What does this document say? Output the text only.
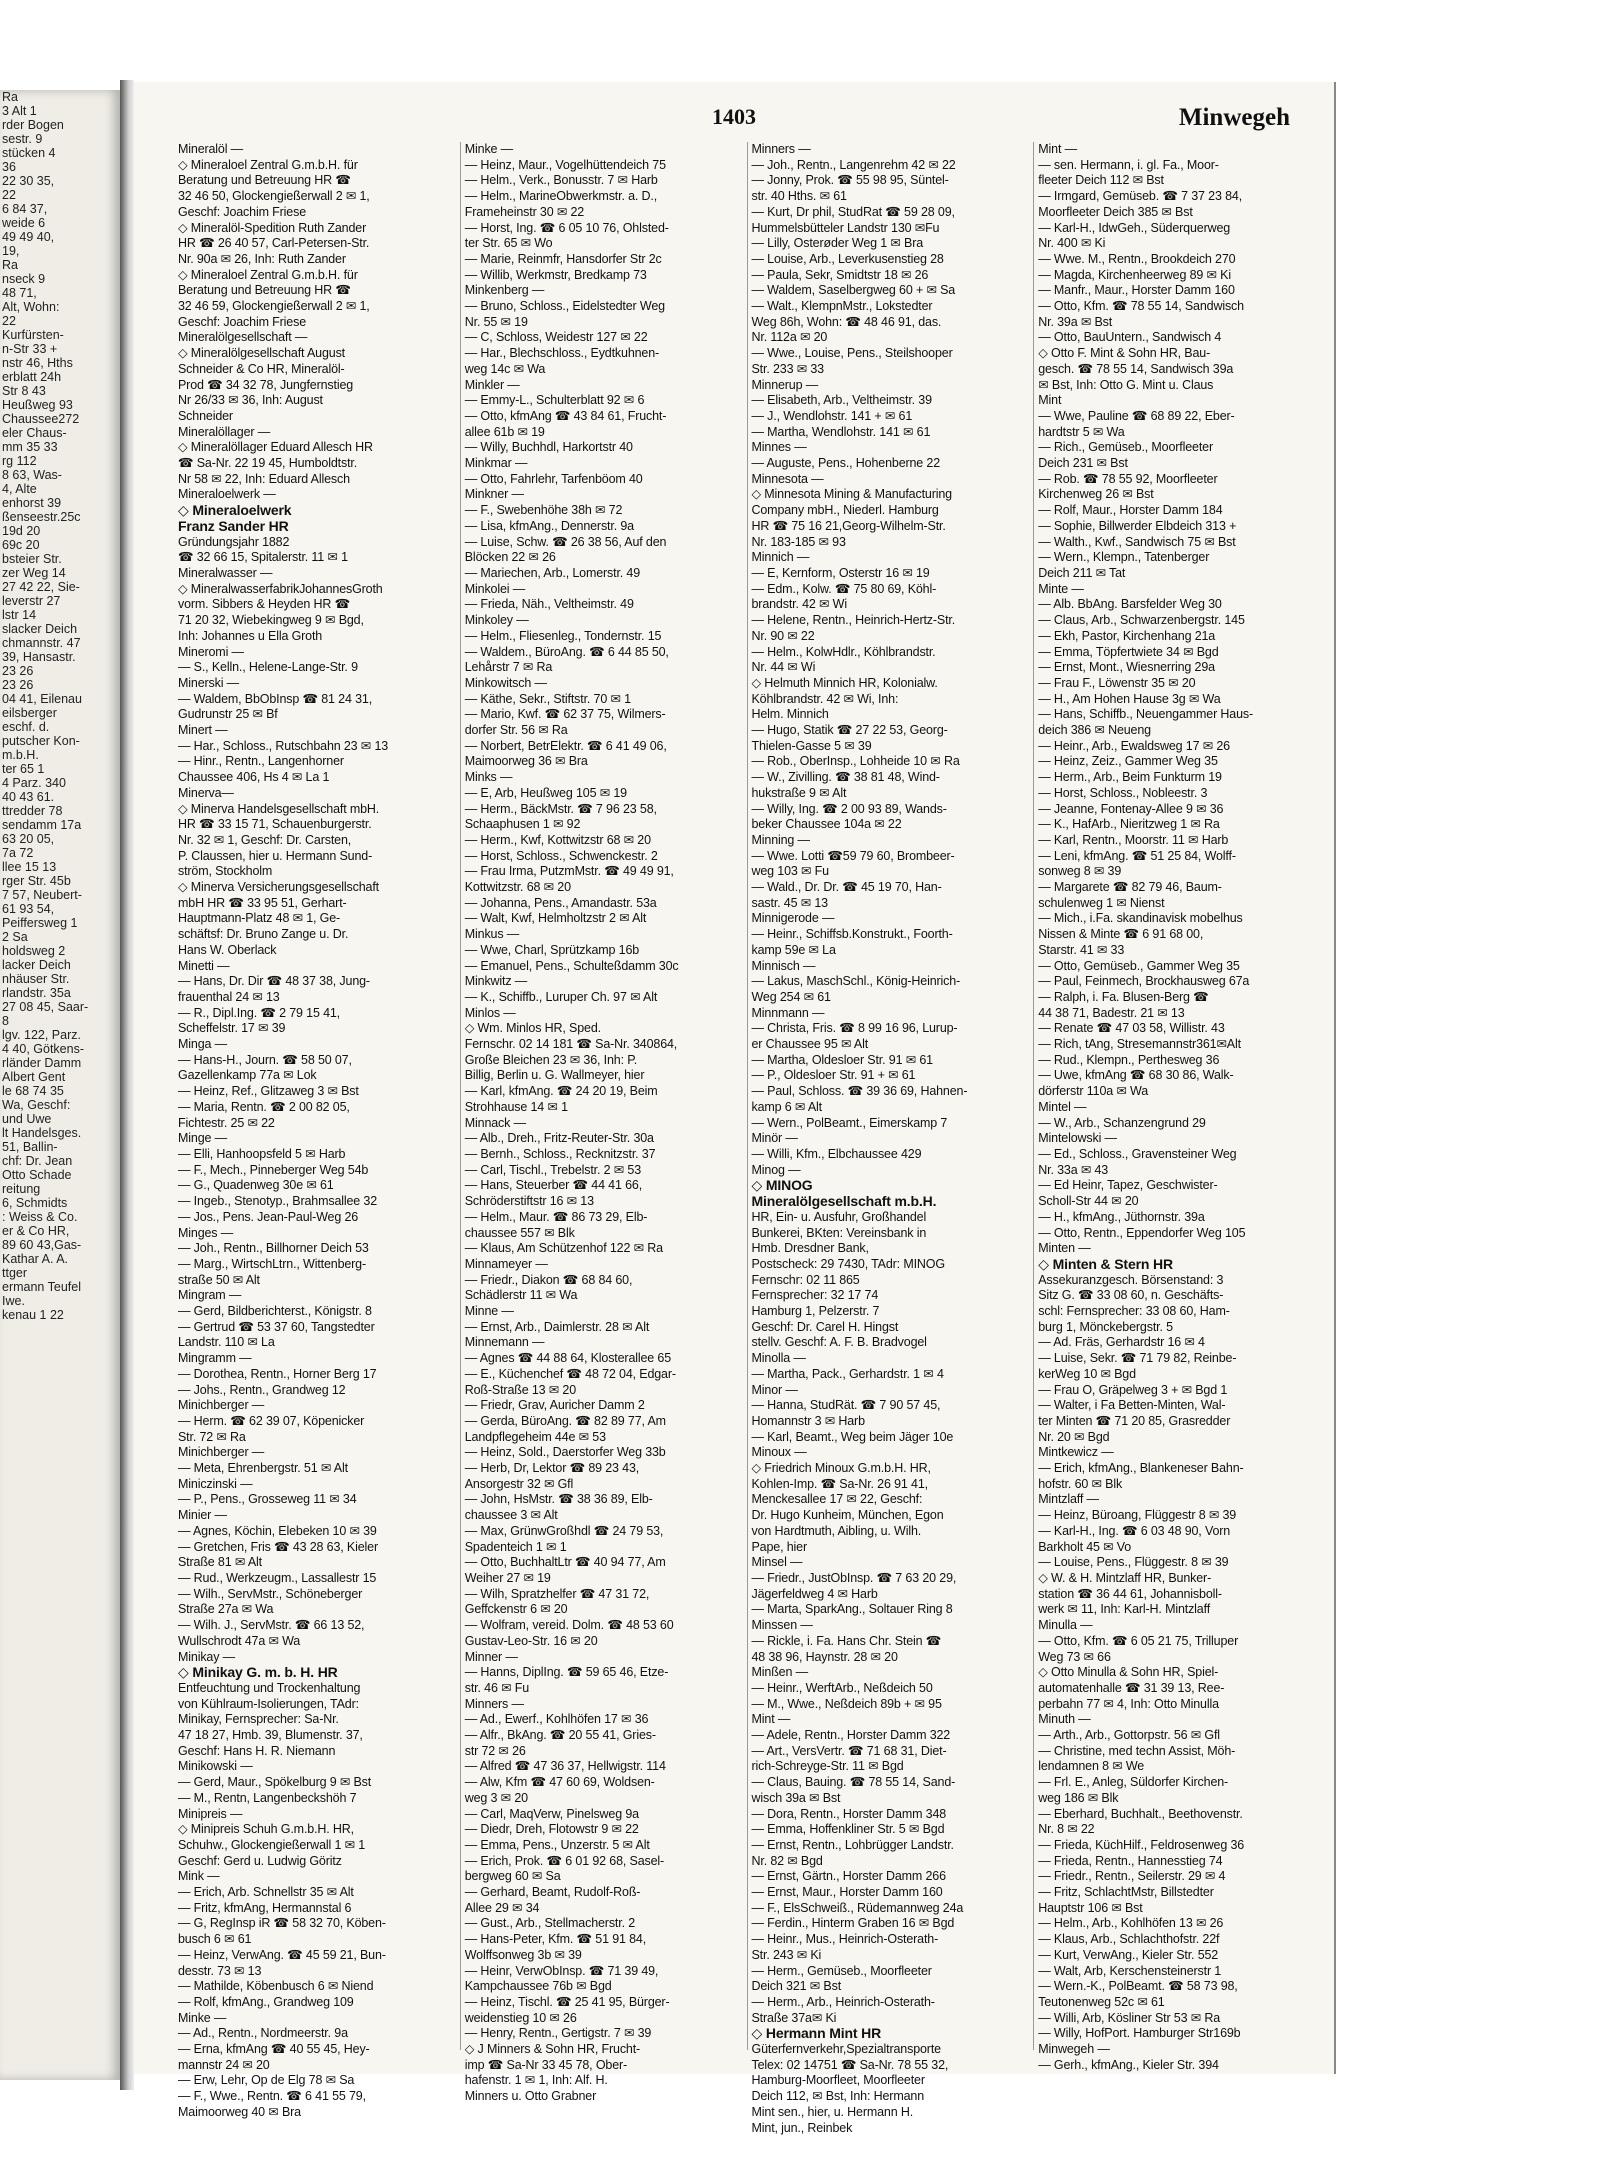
Ra
3 Alt 1
rder Bogen
sestr. 9
stücken 4
36
22 30 35,
22
6 84 37,
weide 6
49 49 40,
19,
Ra
nseck 9
48 71,
Alt, Wohn:
22
Kurfürsten-
n-Str 33 +
nstr 46, Hths
erblatt 24h
Str 8 43
Heußweg 93
Chaussee272
eler Chaus-
mm 35 33
rg 112
8 63, Was-
4, Alte
enhorst 39
ßenseestr.25c
19d 20
69c 20
bsteier Str.
zer Weg 14
27 42 22, Sie-
leverstr 27
lstr 14
slacker Deich
chmannstr. 47
39, Hansastr.
23 26
23 26
04 41, Eilenau
eilsberger
eschf. d.
putscher Kon-
m.b.H.
ter 65 1
4 Parz. 340
40 43 61.
ttredder 78
sendamm 17a
63 20 05,
7a 72
llee 15 13
rger Str. 45b
7 57, Neubert-
61 93 54,
Peiffersweg 1
2 Sa
holdsweg 2
lacker Deich
nhäuser Str.
rlandstr. 35a
27 08 45, Saar-
8
lgv. 122, Parz.
4 40, Götkens-
rländer Damm
Albert Gent
le 68 74 35
Wa, Geschf:
und Uwe
lt Handelsges.
51, Ballin-
chf: Dr. Jean
Otto Schade
reitung
6, Schmidts
: Weiss & Co.
er & Co HR,
89 60 43,Gas-
Kathar A. A.
ttger
ermann Teufel
Iwe.
kenau 1 22
1403	Minwegeh
Mineralöl —
◇ Mineraloel Zentral G.m.b.H. für
Beratung und Betreuung HR ☎
32 46 50, Glockengießerwall 2 ✉ 1,
Geschf: Joachim Friese
◇ Mineralöl-Spedition Ruth Zander
HR ☎ 26 40 57, Carl-Petersen-Str.
Nr. 90a ✉ 26, Inh: Ruth Zander
◇ Mineraloel Zentral G.m.b.H. für
Beratung und Betreuung HR ☎
32 46 59, Glockengießerwall 2 ✉ 1,
Geschf: Joachim Friese
Mineralölgesellschaft —
◇ Mineralölgesellschaft August
Schneider & Co HR, Mineralöl-
Prod ☎ 34 32 78, Jungfernstieg
Nr 26/33 ✉ 36, Inh: August
Schneider
Mineralöllager —
◇ Mineralöllager Eduard Allesch HR
☎ Sa-Nr. 22 19 45, Humboldtstr.
Nr 58 ✉ 22, Inh: Eduard Allesch
Mineraloelwerk —
◇ Mineraloelwerk
Franz Sander HR
Gründungsjahr 1882
☎ 32 66 15, Spitalerstr. 11 ✉ 1
Mineralwasser —
◇ MineralwasserfabrikJohannesGroth
vorm. Sibbers & Heyden HR ☎
71 20 32, Wiebekingweg 9 ✉ Bgd,
Inh: Johannes u Ella Groth
Mineromi —
— S., Kelln., Helene-Lange-Str. 9
Minerski —
— Waldem, BbObInsp ☎ 81 24 31,
Gudrunstr 25 ✉ Bf
Minert —
— Har., Schloss., Rutschbahn 23 ✉ 13
— Hinr., Rentn., Langenhorner
Chaussee 406, Hs 4 ✉ La 1
Minerva—
◇ Minerva Handelsgesellschaft mbH.
HR ☎ 33 15 71, Schauenburgerstr.
Nr. 32 ✉ 1, Geschf: Dr. Carsten,
P. Claussen, hier u. Hermann Sund-
ström, Stockholm
◇ Minerva Versicherungsgesellschaft
mbH HR ☎ 33 95 51, Gerhart-
Hauptmann-Platz 48 ✉ 1, Ge-
schäftsf: Dr. Bruno Zange u. Dr.
Hans W. Oberlack
Minetti —
— Hans, Dr. Dir ☎ 48 37 38, Jung-
frauenthal 24 ✉ 13
— R., Dipl.Ing. ☎ 2 79 15 41,
Scheffelstr. 17 ✉ 39
Minga —
— Hans-H., Journ. ☎ 58 50 07,
Gazellenkamp 77a ✉ Lok
— Heinz, Ref., Glitzaweg 3 ✉ Bst
— Maria, Rentn. ☎ 2 00 82 05,
Fichtestr. 25 ✉ 22
Minge —
— Elli, Hanhoopsfeld 5 ✉ Harb
— F., Mech., Pinneberger Weg 54b
— G., Quadenweg 30e ✉ 61
— Ingeb., Stenotyp., Brahmsallee 32
— Jos., Pens. Jean-Paul-Weg 26
Minges —
— Joh., Rentn., Billhorner Deich 53
— Marg., WirtschLtrn., Wittenberg-
straße 50 ✉ Alt
Mingram —
— Gerd, Bildberichterst., Königstr. 8
— Gertrud ☎ 53 37 60, Tangstedter
Landstr. 110 ✉ La
Mingramm —
— Dorothea, Rentn., Horner Berg 17
— Johs., Rentn., Grandweg 12
Minichberger —
— Herm. ☎ 62 39 07, Köpenicker
Str. 72 ✉ Ra
Minichberger —
— Meta, Ehrenbergstr. 51 ✉ Alt
Miniczinski —
— P., Pens., Grosseweg 11 ✉ 34
Minier —
— Agnes, Köchin, Elebeken 10 ✉ 39
— Gretchen, Fris ☎ 43 28 63, Kieler
Straße 81 ✉ Alt
— Rud., Werkzeugm., Lassallestr 15
— Wilh., ServMstr., Schöneberger
Straße 27a ✉ Wa
— Wilh. J., ServMstr. ☎ 66 13 52,
Wullschrodt 47a ✉ Wa
Minikay —
◇ Minikay G. m. b. H. HR
Entfeuchtung und Trockenhaltung
von Kühlraum-Isolierungen, TAdr:
Minikay, Fernsprecher: Sa-Nr.
47 18 27, Hmb. 39, Blumenstr. 37,
Geschf: Hans H. R. Niemann
Minikowski —
— Gerd, Maur., Spökelburg 9 ✉ Bst
— M., Rentn, Langenbeckshöh 7
Minipreis —
◇ Minipreis Schuh G.m.b.H. HR,
Schuhw., Glockengießerwall 1 ✉ 1
Geschf: Gerd u. Ludwig Göritz
Mink —
— Erich, Arb. Schnellstr 35 ✉ Alt
— Fritz, kfmAng, Hermannstal 6
— G, RegInsp iR ☎ 58 32 70, Köben-
busch 6 ✉ 61
— Heinz, VerwAng. ☎ 45 59 21, Bun-
desstr. 73 ✉ 13
— Mathilde, Köbenbusch 6 ✉ Niend
— Rolf, kfmAng., Grandweg 109
Minke —
— Ad., Rentn., Nordmeerstr. 9a
— Erna, kfmAng ☎ 40 55 45, Hey-
mannstr 24 ✉ 20
— Erw, Lehr, Op de Elg 78 ✉ Sa
— F., Wwe., Rentn. ☎ 6 41 55 79,
Maimoorweg 40 ✉ Bra
Minke —
— Heinz, Maur., Vogelhüttendeich 75
— Helm., Verk., Bonusstr. 7 ✉ Harb
— Helm., MarineObwerkmstr. a. D.,
Frameheinstr 30 ✉ 22
— Horst, Ing. ☎ 6 05 10 76, Ohlsted-
ter Str. 65 ✉ Wo
— Marie, Reinmfr, Hansdorfer Str 2c
— Willib, Werkmstr, Bredkamp 73
Minkenberg —
— Bruno, Schloss., Eidelstedter Weg
Nr. 55 ✉ 19
— C, Schloss, Weidestr 127 ✉ 22
— Har., Blechschloss., Eydtkuhnen-
weg 14c ✉ Wa
Minkler —
— Emmy-L., Schulterblatt 92 ✉ 6
— Otto, kfmAng ☎ 43 84 61, Frucht-
allee 61b ✉ 19
— Willy, Buchhdl, Harkortstr 40
Minkmar —
— Otto, Fahrlehr, Tarfenböom 40
Minkner —
— F., Swebenhöhe 38h ✉ 72
— Lisa, kfmAng., Dennerstr. 9a
— Luise, Schw. ☎ 26 38 56, Auf den
Blöcken 22 ✉ 26
— Mariechen, Arb., Lomerstr. 49
Minkolei —
— Frieda, Näh., Veltheimstr. 49
Minkoley —
— Helm., Fliesenleg., Tondernstr. 15
— Waldem., BüroAng. ☎ 6 44 85 50,
Lehårstr 7 ✉ Ra
Minkowitsch —
— Käthe, Sekr., Stiftstr. 70 ✉ 1
— Mario, Kwf. ☎ 62 37 75, Wilmers-
dorfer Str. 56 ✉ Ra
— Norbert, BetrElektr. ☎ 6 41 49 06,
Maimoorweg 36 ✉ Bra
Minks —
— E, Arb, Heußweg 105 ✉ 19
— Herm., BäckMstr. ☎ 7 96 23 58,
Schaaphusen 1 ✉ 92
— Herm., Kwf, Kottwitzstr 68 ✉ 20
— Horst, Schloss., Schwenckestr. 2
— Frau Irma, PutzmMstr. ☎ 49 49 91,
Kottwitzstr. 68 ✉ 20
— Johanna, Pens., Amandastr. 53a
— Walt, Kwf, Helmholtzstr 2 ✉ Alt
Minkus —
— Wwe, Charl, Sprützkamp 16b
— Emanuel, Pens., Schulteßdamm 30c
Minkwitz —
— K., Schiffb., Luruper Ch. 97 ✉ Alt
Minlos —
◇ Wm. Minlos HR, Sped.
Fernschr. 02 14 181 ☎ Sa-Nr. 340864,
Große Bleichen 23 ✉ 36, Inh: P.
Billig, Berlin u. G. Wallmeyer, hier
— Karl, kfmAng. ☎ 24 20 19, Beim
Strohhause 14 ✉ 1
Minnack —
— Alb., Dreh., Fritz-Reuter-Str. 30a
— Bernh., Schloss., Recknitzstr. 37
— Carl, Tischl., Trebelstr. 2 ✉ 53
— Hans, Steuerber ☎ 44 41 66,
Schröderstiftstr 16 ✉ 13
— Helm., Maur. ☎ 86 73 29, Elb-
chaussee 557 ✉ Blk
— Klaus, Am Schützenhof 122 ✉ Ra
Minnameyer —
— Friedr., Diakon ☎ 68 84 60,
Schädlerstr 11 ✉ Wa
Minne —
— Ernst, Arb., Daimlerstr. 28 ✉ Alt
Minnemann —
— Agnes ☎ 44 88 64, Klosterallee 65
— E., Küchenchef ☎ 48 72 04, Edgar-
Roß-Straße 13 ✉ 20
— Friedr, Grav, Auricher Damm 2
— Gerda, BüroAng. ☎ 82 89 77, Am
Landpflegeheim 44e ✉ 53
— Heinz, Sold., Daerstorfer Weg 33b
— Herb, Dr, Lektor ☎ 89 23 43,
Ansorgestr 32 ✉ Gfl
— John, HsMstr. ☎ 38 36 89, Elb-
chaussee 3 ✉ Alt
— Max, GrünwGroßhdl ☎ 24 79 53,
Spadenteich 1 ✉ 1
— Otto, BuchhaltLtr ☎ 40 94 77, Am
Weiher 27 ✉ 19
— Wilh, Spratzhelfer ☎ 47 31 72,
Geffckenstr 6 ✉ 20
— Wolfram, vereid. Dolm. ☎ 48 53 60
Gustav-Leo-Str. 16 ✉ 20
Minner —
— Hanns, DiplIng. ☎ 59 65 46, Etze-
str. 46 ✉ Fu
Minners —
— Ad., Ewerf., Kohlhöfen 17 ✉ 36
— Alfr., BkAng. ☎ 20 55 41, Gries-
str 72 ✉ 26
— Alfred ☎ 47 36 37, Hellwigstr. 114
— Alw, Kfm ☎ 47 60 69, Woldsen-
weg 3 ✉ 20
— Carl, MaqVerw, Pinelsweg 9a
— Diedr, Dreh, Flotowstr 9 ✉ 22
— Emma, Pens., Unzerstr. 5 ✉ Alt
— Erich, Prok. ☎ 6 01 92 68, Sasel-
bergweg 60 ✉ Sa
— Gerhard, Beamt, Rudolf-Roß-
Allee 29 ✉ 34
— Gust., Arb., Stellmacherstr. 2
— Hans-Peter, Kfm. ☎ 51 91 84,
Wolffsonweg 3b ✉ 39
— Heinr, VerwObInsp. ☎ 71 39 49,
Kampchaussee 76b ✉ Bgd
— Heinz, Tischl. ☎ 25 41 95, Bürger-
weidenstieg 10 ✉ 26
— Henry, Rentn., Gertigstr. 7 ✉ 39
◇ J Minners & Sohn HR, Frucht-
imp ☎ Sa-Nr 33 45 78, Ober-
hafenstr. 1 ✉ 1, Inh: Alf. H.
Minners u. Otto Grabner
Minners —
— Joh., Rentn., Langenrehm 42 ✉ 22
— Jonny, Prok. ☎ 55 98 95, Süntel-
str. 40 Hths. ✉ 61
— Kurt, Dr phil, StudRat ☎ 59 28 09,
Hummelsbütteler Landstr 130 ✉Fu
— Lilly, Osterøder Weg 1 ✉ Bra
— Louise, Arb., Leverkusenstieg 28
— Paula, Sekr, Smidtstr 18 ✉ 26
— Waldem, Saselbergweg 60 + ✉ Sa
— Walt., KlempnMstr., Lokstedter
Weg 86h, Wohn: ☎ 48 46 91, das.
Nr. 112a ✉ 20
— Wwe., Louise, Pens., Steilshooper
Str. 233 ✉ 33
Minnerup —
— Elisabeth, Arb., Veltheimstr. 39
— J., Wendlohstr. 141 + ✉ 61
— Martha, Wendlohstr. 141 ✉ 61
Minnes —
— Auguste, Pens., Hohenberne 22
Minnesota —
◇ Minnesota Mining & Manufacturing
Company mbH., Niederl. Hamburg
HR ☎ 75 16 21,Georg-Wilhelm-Str.
Nr. 183-185 ✉ 93
Minnich —
— E, Kernform, Osterstr 16 ✉ 19
— Edm., Kolw. ☎ 75 80 69, Köhl-
brandstr. 42 ✉ Wi
— Helene, Rentn., Heinrich-Hertz-Str.
Nr. 90 ✉ 22
— Helm., KolwHdlr., Köhlbrandstr.
Nr. 44 ✉ Wi
◇ Helmuth Minnich HR, Kolonialw.
Köhlbrandstr. 42 ✉ Wi, Inh:
Helm. Minnich
— Hugo, Statik ☎ 27 22 53, Georg-
Thielen-Gasse 5 ✉ 39
— Rob., OberInsp., Lohheide 10 ✉ Ra
— W., Zivilling. ☎ 38 81 48, Wind-
hukstraße 9 ✉ Alt
— Willy, Ing. ☎ 2 00 93 89, Wands-
beker Chaussee 104a ✉ 22
Minning —
— Wwe. Lotti ☎59 79 60, Brombeer-
weg 103 ✉ Fu
— Wald., Dr. Dr. ☎ 45 19 70, Han-
sastr. 45 ✉ 13
Minnigerode —
— Heinr., Schiffsb.Konstrukt., Foorth-
kamp 59e ✉ La
Minnisch —
— Lakus, MaschSchl., König-Heinrich-
Weg 254 ✉ 61
Minnmann —
— Christa, Fris. ☎ 8 99 16 96, Lurup-
er Chaussee 95 ✉ Alt
— Martha, Oldesloer Str. 91 ✉ 61
— P., Oldesloer Str. 91 + ✉ 61
— Paul, Schloss. ☎ 39 36 69, Hahnen-
kamp 6 ✉ Alt
— Wern., PolBeamt., Eimerskamp 7
Minör —
— Willi, Kfm., Elbchaussee 429
Minog —
◇ MINOG
Mineralölgesellschaft m.b.H.
HR, Ein- u. Ausfuhr, Großhandel
Bunkerei, BKten: Vereinsbank in
Hmb. Dresdner Bank,
Postscheck: 29 7430, TAdr: MINOG
Fernschr: 02 11 865
Fernsprecher: 32 17 74
Hamburg 1, Pelzerstr. 7
Geschf: Dr. Carel H. Hingst
stellv. Geschf: A. F. B. Bradvogel
Minolla —
— Martha, Pack., Gerhardstr. 1 ✉ 4
Minor —
— Hanna, StudRät. ☎ 7 90 57 45,
Homannstr 3 ✉ Harb
— Karl, Beamt., Weg beim Jäger 10e
Minoux —
◇ Friedrich Minoux G.m.b.H. HR,
Kohlen-Imp. ☎ Sa-Nr. 26 91 41,
Menckesallee 17 ✉ 22, Geschf:
Dr. Hugo Kunheim, München, Egon
von Hardtmuth, Aibling, u. Wilh.
Pape, hier
Minsel —
— Friedr., JustObInsp. ☎ 7 63 20 29,
Jägerfeldweg 4 ✉ Harb
— Marta, SparkAng., Soltauer Ring 8
Minssen —
— Rickle, i. Fa. Hans Chr. Stein ☎
48 38 96, Haynstr. 28 ✉ 20
Minßen —
— Heinr., WerftArb., Neßdeich 50
— M., Wwe., Neßdeich 89b + ✉ 95
Mint —
— Adele, Rentn., Horster Damm 322
— Art., VersVertr. ☎ 71 68 31, Diet-
rich-Schreyge-Str. 11 ✉ Bgd
— Claus, Bauing. ☎ 78 55 14, Sand-
wisch 39a ✉ Bst
— Dora, Rentn., Horster Damm 348
— Emma, Hoffenkliner Str. 5 ✉ Bgd
— Ernst, Rentn., Lohbrügger Landstr.
Nr. 82 ✉ Bgd
— Ernst, Gärtn., Horster Damm 266
— Ernst, Maur., Horster Damm 160
— F., ElsSchweiß., Rüdemannweg 24a
— Ferdin., Hinterm Graben 16 ✉ Bgd
— Heinr., Mus., Heinrich-Osterath-
Str. 243 ✉ Ki
— Herm., Gemüseb., Moorfleeter
Deich 321 ✉ Bst
— Herm., Arb., Heinrich-Osterath-
Straße 37a✉ Ki
◇ Hermann Mint HR
Güterfernverkehr,Spezialtransporte
Telex: 02 14751 ☎ Sa-Nr. 78 55 32,
Hamburg-Moorfleet, Moorfleeter
Deich 112, ✉ Bst, Inh: Hermann
Mint sen., hier, u. Hermann H.
Mint, jun., Reinbek
Mint —
— sen. Hermann, i. gl. Fa., Moor-
fleeter Deich 112 ✉ Bst
— Irmgard, Gemüseb. ☎ 7 37 23 84,
Moorfleeter Deich 385 ✉ Bst
— Karl-H., IdwGeh., Süderquerweg
Nr. 400 ✉ Ki
— Wwe. M., Rentn., Brookdeich 270
— Magda, Kirchenheerweg 89 ✉ Ki
— Manfr., Maur., Horster Damm 160
— Otto, Kfm. ☎ 78 55 14, Sandwisch
Nr. 39a ✉ Bst
— Otto, BauUntern., Sandwisch 4
◇ Otto F. Mint & Sohn HR, Bau-
gesch. ☎ 78 55 14, Sandwisch 39a
✉ Bst, Inh: Otto G. Mint u. Claus
Mint
— Wwe, Pauline ☎ 68 89 22, Eber-
hardtstr 5 ✉ Wa
— Rich., Gemüseb., Moorfleeter
Deich 231 ✉ Bst
— Rob. ☎ 78 55 92, Moorfleeter
Kirchenweg 26 ✉ Bst
— Rolf, Maur., Horster Damm 184
— Sophie, Billwerder Elbdeich 313 +
— Walth., Kwf., Sandwisch 75 ✉ Bst
— Wern., Klempn., Tatenberger
Deich 211 ✉ Tat
Minte —
— Alb. BbAng. Barsfelder Weg 30
— Claus, Arb., Schwarzenbergstr. 145
— Ekh, Pastor, Kirchenhang 21a
— Emma, Töpfertwiete 34 ✉ Bgd
— Ernst, Mont., Wiesnerring 29a
— Frau F., Löwenstr 35 ✉ 20
— H., Am Hohen Hause 3g ✉ Wa
— Hans, Schiffb., Neuengammer Haus-
deich 386 ✉ Neueng
— Heinr., Arb., Ewaldsweg 17 ✉ 26
— Heinz, Zeiz., Gammer Weg 35
— Herm., Arb., Beim Funkturm 19
— Horst, Schloss., Nobleestr. 3
— Jeanne, Fontenay-Allee 9 ✉ 36
— K., HafArb., Nieritzweg 1 ✉ Ra
— Karl, Rentn., Moorstr. 11 ✉ Harb
— Leni, kfmAng. ☎ 51 25 84, Wolff-
sonweg 8 ✉ 39
— Margarete ☎ 82 79 46, Baum-
schulenweg 1 ✉ Nienst
— Mich., i.Fa. skandinavisk mobelhus
Nissen & Minte ☎ 6 91 68 00,
Starstr. 41 ✉ 33
— Otto, Gemüseb., Gammer Weg 35
— Paul, Feinmech, Brockhausweg 67a
— Ralph, i. Fa. Blusen-Berg ☎
44 38 71, Badestr. 21 ✉ 13
— Renate ☎ 47 03 58, Willistr. 43
— Rich, tAng, Stresemannstr361✉Alt
— Rud., Klempn., Perthesweg 36
— Uwe, kfmAng ☎ 68 30 86, Walk-
dörferstr 110a ✉ Wa
Mintel —
— W., Arb., Schanzengrund 29
Mintelowski —
— Ed., Schloss., Gravensteiner Weg
Nr. 33a ✉ 43
— Ed Heinr, Tapez, Geschwister-
Scholl-Str 44 ✉ 20
— H., kfmAng., Jüthornstr. 39a
— Otto, Rentn., Eppendorfer Weg 105
Minten —
◇ Minten & Stern HR
Assekuranzgesch. Börsenstand: 3
Sitz G. ☎ 33 08 60, n. Geschäfts-
schl: Fernsprecher: 33 08 60, Ham-
burg 1, Mönckebergstr. 5
— Ad. Fräs, Gerhardstr 16 ✉ 4
— Luise, Sekr. ☎ 71 79 82, Reinbe-
kerWeg 10 ✉ Bgd
— Frau O, Gräpelweg 3 + ✉ Bgd 1
— Walter, i Fa Betten-Minten, Wal-
ter Minten ☎ 71 20 85, Grasredder
Nr. 20 ✉ Bgd
Mintkewicz —
— Erich, kfmAng., Blankeneser Bahn-
hofstr. 60 ✉ Blk
Mintzlaff —
— Heinz, Büroang, Flüggestr 8 ✉ 39
— Karl-H., Ing. ☎ 6 03 48 90, Vorn
Barkholt 45 ✉ Vo
— Louise, Pens., Flüggestr. 8 ✉ 39
◇ W. & H. Mintzlaff HR, Bunker-
station ☎ 36 44 61, Johannisboll-
werk ✉ 11, Inh: Karl-H. Mintzlaff
Minulla —
— Otto, Kfm. ☎ 6 05 21 75, Trilluper
Weg 73 ✉ 66
◇ Otto Minulla & Sohn HR, Spiel-
automatenhalle ☎ 31 39 13, Ree-
perbahn 77 ✉ 4, Inh: Otto Minulla
Minuth —
— Arth., Arb., Gottorpstr. 56 ✉ Gfl
— Christine, med techn Assist, Möh-
lendamnen 8 ✉ We
— Frl. E., Anleg, Süldorfer Kirchen-
weg 186 ✉ Blk
— Eberhard, Buchhalt., Beethovenstr.
Nr. 8 ✉ 22
— Frieda, KüchHilf., Feldrosenweg 36
— Frieda, Rentn., Hannesstieg 74
— Friedr., Rentn., Seilerstr. 29 ✉ 4
— Fritz, SchlachtMstr, Billstedter
Hauptstr 106 ✉ Bst
— Helm., Arb., Kohlhöfen 13 ✉ 26
— Klaus, Arb., Schlachthofstr. 22f
— Kurt, VerwAng., Kieler Str. 552
— Walt, Arb, Kerschensteinerstr 1
— Wern.-K., PolBeamt. ☎ 58 73 98,
Teutonenweg 52c ✉ 61
— Willi, Arb, Kösliner Str 53 ✉ Ra
— Willy, HofPort. Hamburger Str169b
Minwegeh —
— Gerh., kfmAng., Kieler Str. 394
